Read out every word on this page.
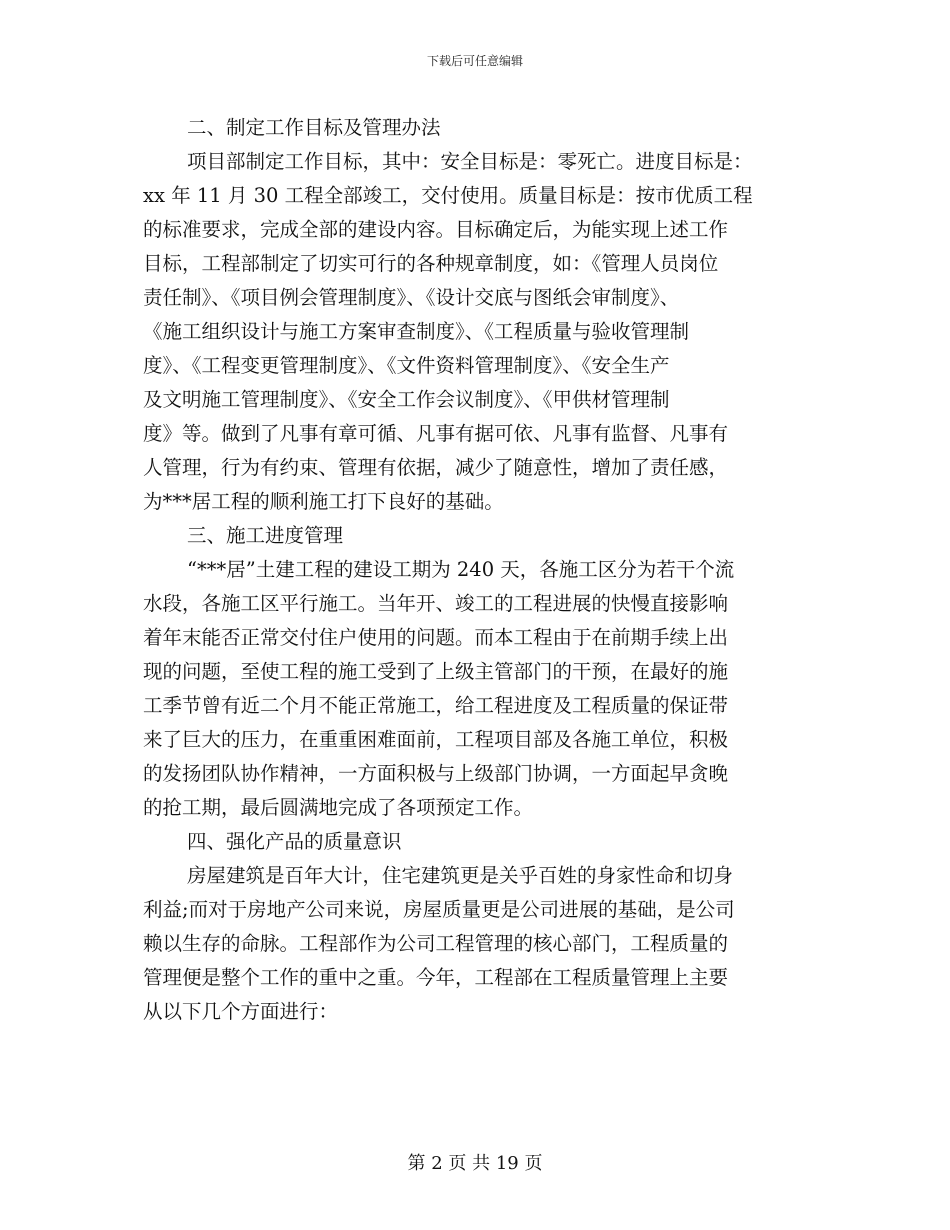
下载后可任意编辑
二、制定工作目标及管理办法
项目部制定工作目标，其中：安全目标是：零死亡。进度目标是：
xx 年 11 月 30 工程全部竣工，交付使用。质量目标是：按市优质工程
的标准要求，完成全部的建设内容。目标确定后，为能实现上述工作
目标，工程部制定了切实可行的各种规章制度，如：《管理人员岗位
责任制》、《项目例会管理制度》、《设计交底与图纸会审制度》、
《施工组织设计与施工方案审查制度》、《工程质量与验收管理制
度》、《工程变更管理制度》、《文件资料管理制度》、《安全生产
及文明施工管理制度》、《安全工作会议制度》、《甲供材管理制
度》等。做到了凡事有章可循、凡事有据可依、凡事有监督、凡事有
人管理，行为有约束、管理有依据，减少了随意性，增加了责任感，
为***居工程的顺利施工打下良好的基础。
三、施工进度管理
“***居”土建工程的建设工期为 240 天，各施工区分为若干个流
水段，各施工区平行施工。当年开、竣工的工程进展的快慢直接影响
着年末能否正常交付住户使用的问题。而本工程由于在前期手续上出
现的问题，至使工程的施工受到了上级主管部门的干预，在最好的施
工季节曾有近二个月不能正常施工，给工程进度及工程质量的保证带
来了巨大的压力，在重重困难面前，工程项目部及各施工单位，积极
的发扬团队协作精神，一方面积极与上级部门协调，一方面起早贪晚
的抢工期，最后圆满地完成了各项预定工作。
四、强化产品的质量意识
房屋建筑是百年大计，住宅建筑更是关乎百姓的身家性命和切身
利益;而对于房地产公司来说，房屋质量更是公司进展的基础，是公司
赖以生存的命脉。工程部作为公司工程管理的核心部门，工程质量的
管理便是整个工作的重中之重。今年，工程部在工程质量管理上主要
从以下几个方面进行：
第 2 页 共 19 页
